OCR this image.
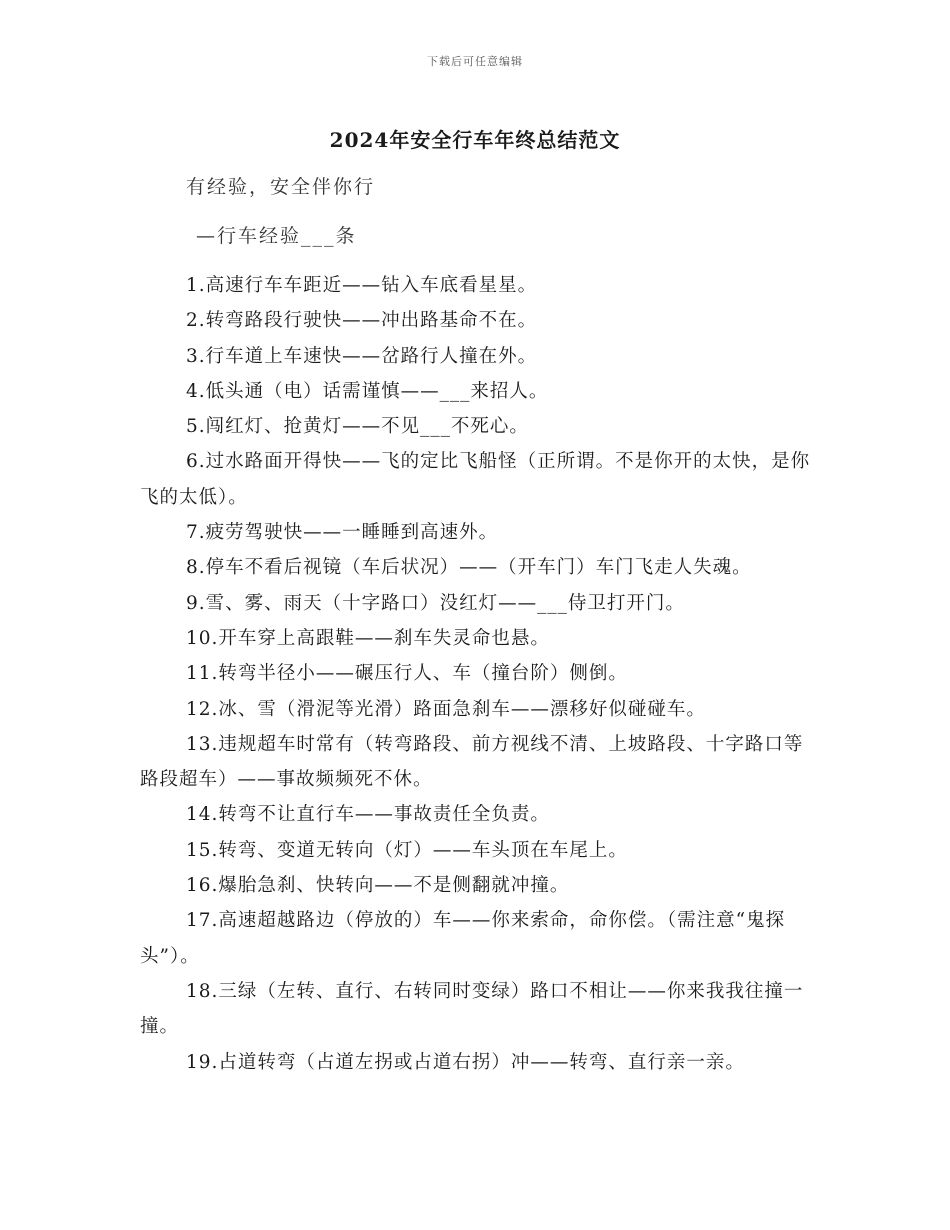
下载后可任意编辑
2024年安全行车年终总结范文
有经验，安全伴你行
—行车经验___条
1.高速行车车距近——钻入车底看星星。
2.转弯路段行驶快——冲出路基命不在。
3.行车道上车速快——岔路行人撞在外。
4.低头通（电）话需谨慎——___来招人。
5.闯红灯、抢黄灯——不见___不死心。
6.过水路面开得快——飞的定比飞船怪（正所谓。不是你开的太快，是你飞的太低）。
7.疲劳驾驶快——一睡睡到高速外。
8.停车不看后视镜（车后状况）——（开车门）车门飞走人失魂。
9.雪、雾、雨天（十字路口）没红灯——___侍卫打开门。
10.开车穿上高跟鞋——刹车失灵命也悬。
11.转弯半径小——碾压行人、车（撞台阶）侧倒。
12.冰、雪（滑泥等光滑）路面急刹车——漂移好似碰碰车。
13.违规超车时常有（转弯路段、前方视线不清、上坡路段、十字路口等路段超车）——事故频频死不休。
14.转弯不让直行车——事故责任全负责。
15.转弯、变道无转向（灯）——车头顶在车尾上。
16.爆胎急刹、快转向——不是侧翻就冲撞。
17.高速超越路边（停放的）车——你来索命，命你偿。（需注意“鬼探头”）。
18.三绿（左转、直行、右转同时变绿）路口不相让——你来我我往撞一撞。
19.占道转弯（占道左拐或占道右拐）冲——转弯、直行亲一亲。
